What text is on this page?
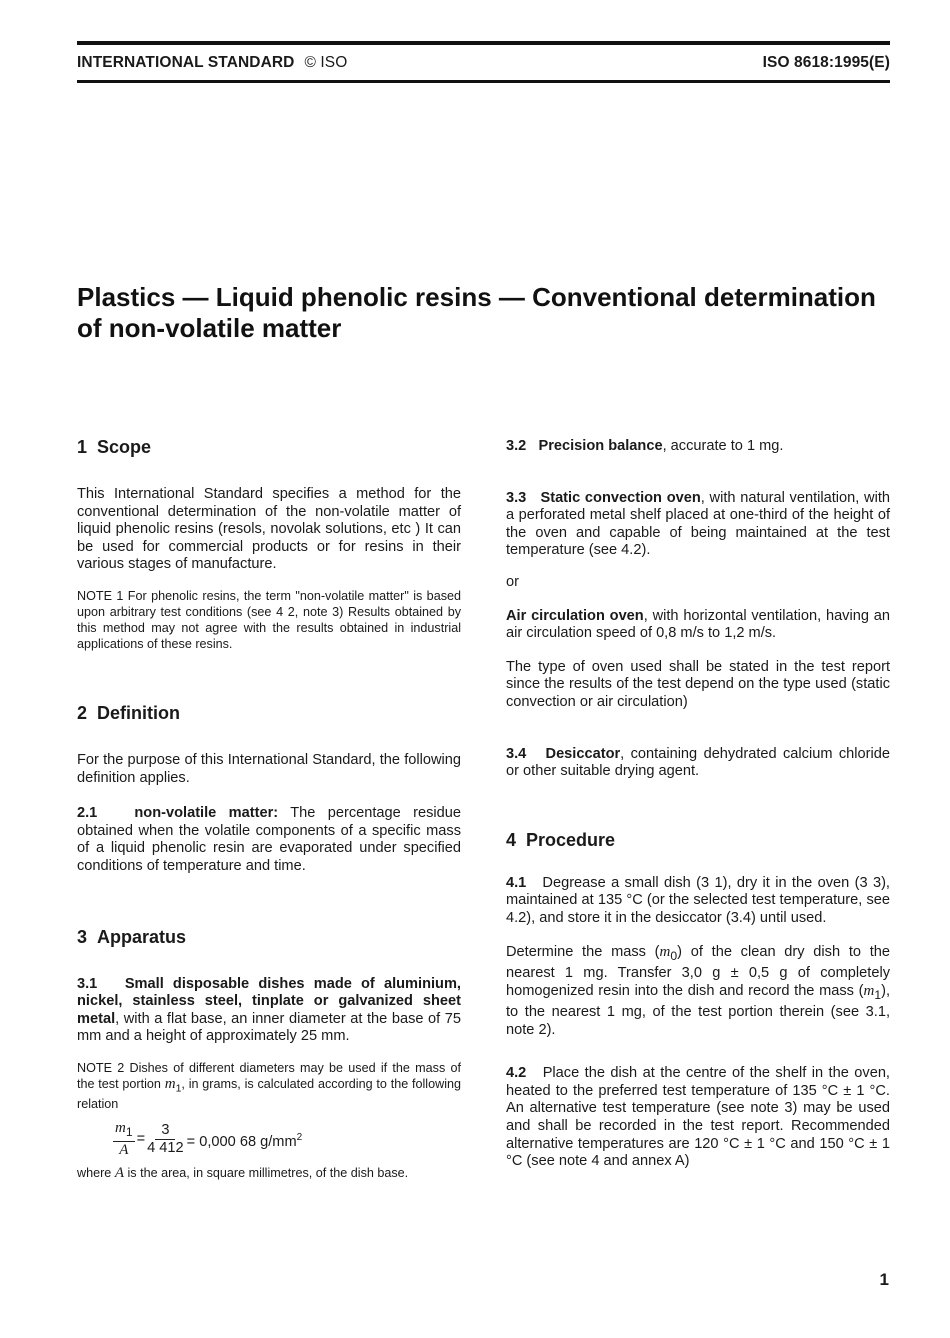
INTERNATIONAL STANDARD © ISO	ISO 8618:1995(E)
Plastics — Liquid phenolic resins — Conventional determination of non-volatile matter
1 Scope

This International Standard specifies a method for the conventional determination of the non-volatile matter of liquid phenolic resins (resols, novolak solutions, etc ) It can be used for commercial products or for resins in their various stages of manufacture.

NOTE 1 For phenolic resins, the term "non-volatile matter" is based upon arbitrary test conditions (see 4 2, note 3) Results obtained by this method may not agree with the results obtained in industrial applications of these resins.

2 Definition

For the purpose of this International Standard, the following definition applies.

2.1	non-volatile matter: The percentage residue obtained when the volatile components of a specific mass of a liquid phenolic resin are evaporated under specified conditions of temperature and time.

3 Apparatus

3.1 Small disposable dishes made of aluminium, nickel, stainless steel, tinplate or galvanized sheet metal, with a flat base, an inner diameter at the base of 75 mm and a height of approximately 25 mm.

NOTE 2 Dishes of different diameters may be used if the mass of the test portion $m_1$, in grams, is calculated according to the following relation

$\frac{m_1}{A} = \frac{3}{4 412} = 0,000$ 68 $g/mm^2$

where A is the area, in square millimetres, of the dish base.

3.2 Precision balance, accurate to 1 mg.

3.3 Static convection oven, with natural ventilation, with a perforated metal shelf placed at one-third of the height of the oven and capable of being maintained at the test temperature (see 4.2).

or

Air circulation oven, with horizontal ventilation, having an air circulation speed of 0,8 m/s to 1,2 m/s.

The type of oven used shall be stated in the test report since the results of the test depend on the type used (static convection or air circulation)

3.4 Desiccator, containing dehydrated calcium chloride or other suitable drying agent.

4 Procedure

4.1 Degrease a small dish (3 1), dry it in the oven (3 3), maintained at 135 °C (or the selected test temperature, see 4.2), and store it in the desiccator (3.4) until used.

Determine the mass $(m_0)$ of the clean dry dish to the nearest 1 mg. Transfer 3,0 g ± 0,5 g of completely homogenized resin into the dish and record the mass $(m_1)$, to the nearest 1 mg, of the test portion therein (see 3.1, note 2).

4.2 Place the dish at the centre of the shelf in the oven, heated to the preferred test temperature of 135 °C ± 1 °C. An alternative test temperature (see note 3) may be used and shall be recorded in the test report. Recommended alternative temperatures are 120 °C ± 1 °C and 150 °C ± 1 °C (see note 4 and annex A)

1
